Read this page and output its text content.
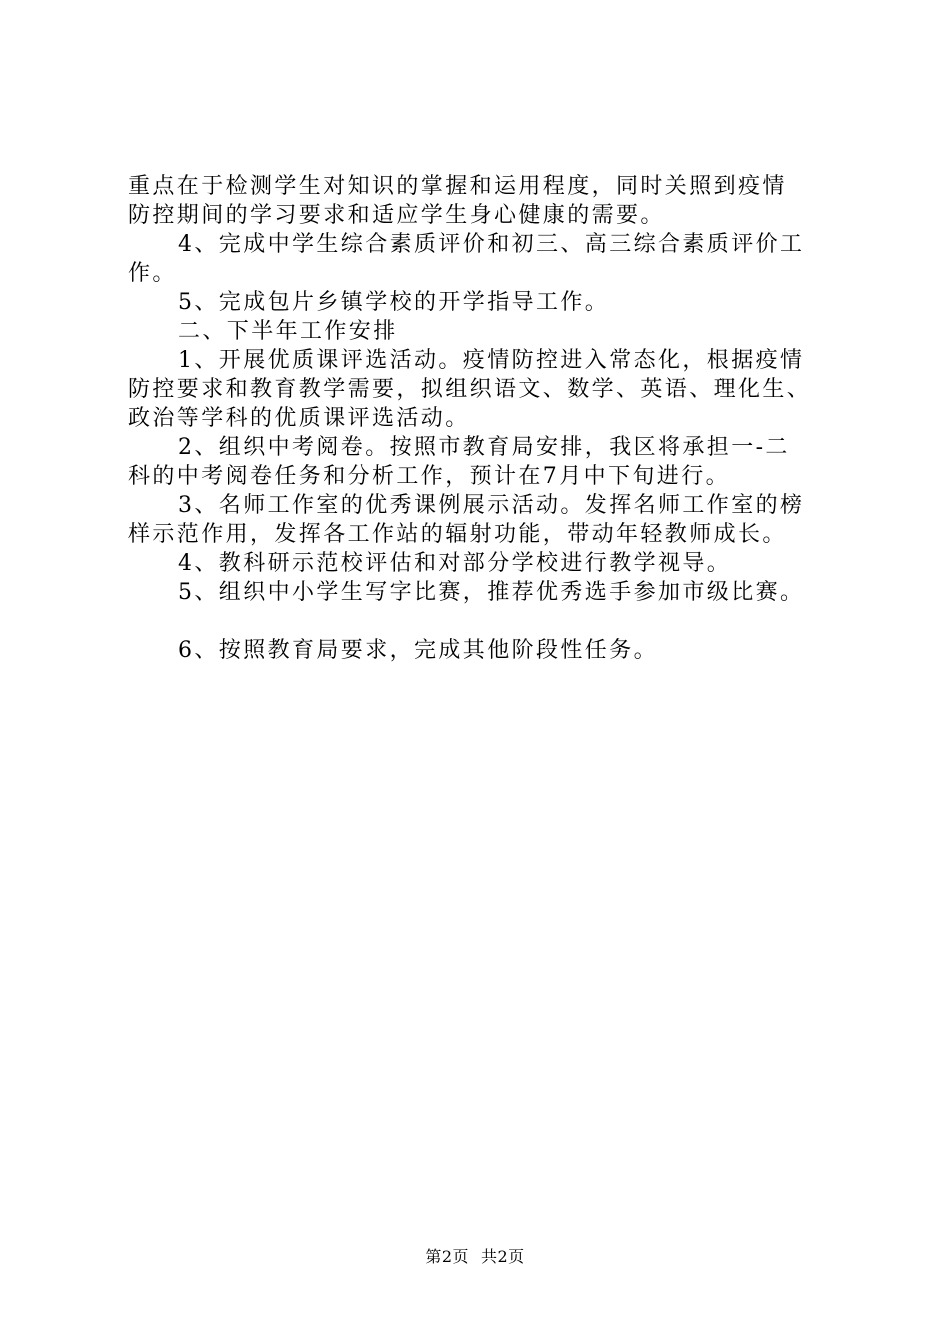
重点在于检测学生对知识的掌握和运用程度，同时关照到疫情
防控期间的学习要求和适应学生身心健康的需要。
4、完成中学生综合素质评价和初三、高三综合素质评价工
作。
5、完成包片乡镇学校的开学指导工作。
二、下半年工作安排
1、开展优质课评选活动。疫情防控进入常态化，根据疫情
防控要求和教育教学需要，拟组织语文、数学、英语、理化生、
政治等学科的优质课评选活动。
2、组织中考阅卷。按照市教育局安排，我区将承担一-二
科的中考阅卷任务和分析工作，预计在7月中下旬进行。
3、名师工作室的优秀课例展示活动。发挥名师工作室的榜
样示范作用，发挥各工作站的辐射功能，带动年轻教师成长。
4、教科研示范校评估和对部分学校进行教学视导。
5、组织中小学生写字比赛，推荐优秀选手参加市级比赛。
6、按照教育局要求，完成其他阶段性任务。
第2页 共2页
